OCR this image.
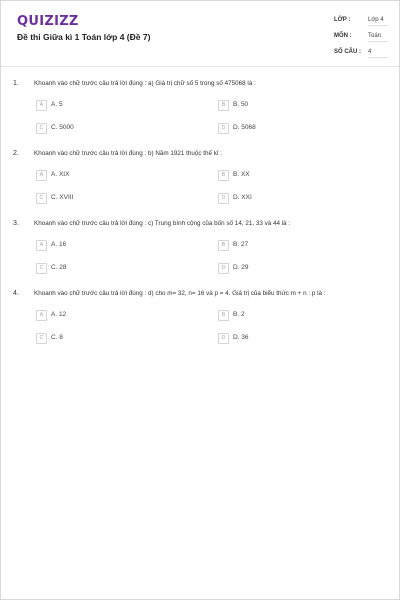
QUIZIZZ
Đề thi Giữa kì 1 Toán lớp 4 (Đề 7)
LỚP :	Lớp 4
MÔN :	Toán
SỐ CÂU : 4
1. Khoanh vào chữ trước câu trả lời đúng : a) Giá trị chữ số 5 trong số 475068 là :
A	A. 5	B	B. 50
C	C. 5000	D	D. 5068
2. Khoanh vào chữ trước câu trả lời đúng : b) Năm 1921 thuộc thế kỉ :
A	A. XIX	B	B. XX
C	C. XVIII	D	D. XXI
3. Khoanh vào chữ trước câu trả lời đúng : c) Trung bình cộng của bốn số 14, 21, 33 và 44 là :
A	A. 16	B	B. 27
C	C. 28	D	D. 29
4. Khoanh vào chữ trước câu trả lời đúng : d) cho m= 32, n= 16 và p = 4. Giá trị của biểu thức m + n : p là :
A	A. 12	B	B. 2
C	C. 8	D	D. 36
